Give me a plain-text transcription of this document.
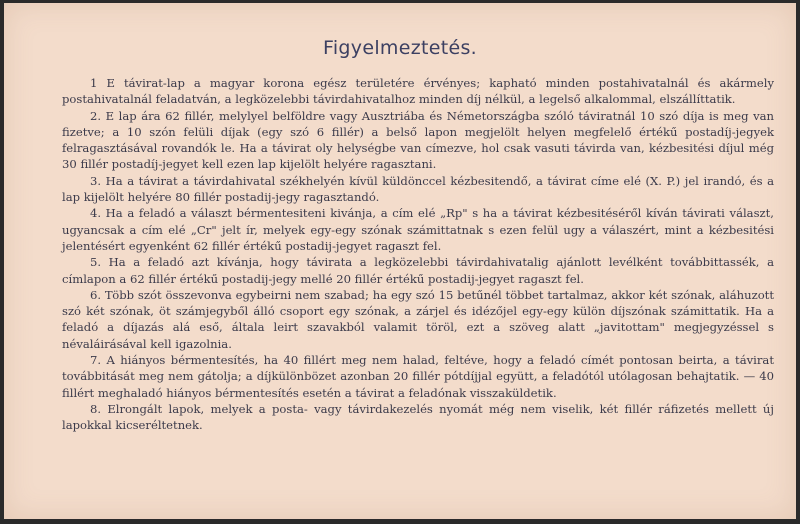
Figyelmeztetés.

1 E távirat-lap a magyar korona egész területére érvényes; kapható minden postahivatalnál és akármely postahivatalnál feladatván, a legközelebbi távirdahivatalhoz minden díj nélkül, a legelső alkalommal, elszállíttatik.

2. E lap ára 62 fillér, melylyel belföldre vagy Ausztriába és Németországba szóló táviratnál 10 szó díja is meg van fizetve; a 10 szón felüli díjak (egy szó 6 fillér) a belső lapon megjelölt helyen megfelelő értékű postadíj-jegyek felragasztásával rovandók le. Ha a távirat oly helységbe van címezve, hol csak vasuti távirda van, kézbesitési díjul még 30 fillér postadíj-jegyet kell ezen lap kijelölt helyére ragasztani.

3. Ha a távirat a távirdahivatal székhelyén kívül küldönccel kézbesitendő, a távirat címe elé (X. P.) jel irandó, és a lap kijelölt helyére 80 fillér postadij-jegy ragasztandó.

4. Ha a feladó a választ bérmentesiteni kivánja, a cím elé „Rp" s ha a távirat kézbesitéséről kíván távirati választ, ugyancsak a cím elé „Cr" jelt ír, melyek egy-egy szónak számittatnak s ezen felül ugy a válaszért, mint a kézbesitési jelentésért egyenként 62 fillér értékű postadij-jegyet ragaszt fel.

5. Ha a feladó azt kívánja, hogy távirata a legközelebbi távirdahivatalig ajánlott levélként továbbittassék, a címlapon a 62 fillér értékű postadij-jegy mellé 20 fillér értékű postadij-jegyet ragaszt fel.

6. Több szót összevonva egybeirni nem szabad; ha egy szó 15 betűnél többet tartalmaz, akkor két szónak, aláhuzott szó két szónak, öt számjegyből álló csoport egy szónak, a zárjel és idézőjel egy-egy külön díjszónak számittatik. Ha a feladó a díjazás alá eső, általa leirt szavakból valamit töröl, ezt a szöveg alatt „javitottam" megjegyzéssel s névaláirásával kell igazolnia.

7. A hiányos bérmentesítés, ha 40 fillért meg nem halad, feltéve, hogy a feladó címét pontosan beirta, a távirat továbbitását meg nem gátolja; a díjkülönbözet azonban 20 fillér pótdíjjal együtt, a feladótól utólagosan behajtatik. — 40 fillért meghaladó hiányos bérmentesítés esetén a távirat a feladónak visszaküldetik.

8. Elrongált lapok, melyek a posta- vagy távirdakezelés nyomát még nem viselik, két fillér ráfizetés mellett új lapokkal kicseréltetnek.
